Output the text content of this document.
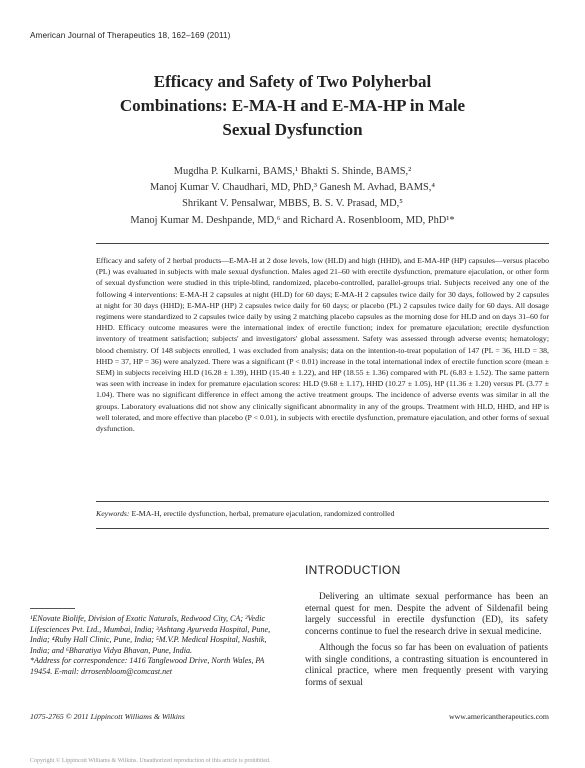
American Journal of Therapeutics 18, 162–169 (2011)
Efficacy and Safety of Two Polyherbal
Combinations: E-MA-H and E-MA-HP in Male
Sexual Dysfunction
Mugdha P. Kulkarni, BAMS,¹ Bhakti S. Shinde, BAMS,²
Manoj Kumar V. Chaudhari, MD, PhD,³ Ganesh M. Avhad, BAMS,⁴
Shrikant V. Pensalwar, MBBS, B. S. V. Prasad, MD,⁵
Manoj Kumar M. Deshpande, MD,⁶ and Richard A. Rosenbloom, MD, PhD¹*
Efficacy and safety of 2 herbal products—E-MA-H at 2 dose levels, low (HLD) and high (HHD), and E-MA-HP (HP) capsules—versus placebo (PL) was evaluated in subjects with male sexual dysfunction. Males aged 21–60 with erectile dysfunction, premature ejaculation, or other form of sexual dysfunction were studied in this triple-blind, randomized, placebo-controlled, parallel-groups trial. Subjects received any one of the following 4 interventions: E-MA-H 2 capsules at night (HLD) for 60 days; E-MA-H 2 capsules twice daily for 30 days, followed by 2 capsules at night for 30 days (HHD); E-MA-HP (HP) 2 capsules twice daily for 60 days; or placebo (PL) 2 capsules twice daily for 60 days. All dosage regimens were standardized to 2 capsules twice daily by using 2 matching placebo capsules as the morning dose for HLD and on days 31–60 for HHD. Efficacy outcome measures were the international index of erectile function; index for premature ejaculation; erectile dysfunction inventory of treatment satisfaction; subjects' and investigators' global assessment. Safety was assessed through adverse events; hematology; blood chemistry. Of 148 subjects enrolled, 1 was excluded from analysis; data on the intention-to-treat population of 147 (PL = 36, HLD = 38, HHD = 37, HP = 36) were analyzed. There was a significant (P < 0.01) increase in the total international index of erectile function score (mean ± SEM) in subjects receiving HLD (16.28 ± 1.39), HHD (15.40 ± 1.22), and HP (18.55 ± 1.36) compared with PL (6.83 ± 1.52). The same pattern was seen with increase in index for premature ejaculation scores: HLD (9.68 ± 1.17), HHD (10.27 ± 1.05), HP (11.36 ± 1.20) versus PL (3.77 ± 1.04). There was no significant difference in effect among the active treatment groups. The incidence of adverse events was similar in all the groups. Laboratory evaluations did not show any clinically significant abnormality in any of the groups. Treatment with HLD, HHD, and HP is well tolerated, and more effective than placebo (P < 0.01), in subjects with erectile dysfunction, premature ejaculation, and other forms of sexual dysfunction.
Keywords: E-MA-H, erectile dysfunction, herbal, premature ejaculation, randomized controlled
INTRODUCTION

Delivering an ultimate sexual performance has been an eternal quest for men. Despite the advent of Sildenafil being largely successful in erectile dysfunction (ED), its safety concerns continue to fuel the research drive in sexual medicine.

Although the focus so far has been on evaluation of patients with single conditions, a contrasting situation is encountered in clinical practice, where men frequently present with varying forms of sexual

¹ENovate Biolife, Division of Exotic Naturals, Redwood City, CA; ²Vedic Lifesciences Pvt. Ltd., Mumbai, India; ³Ashtang Ayurveda Hospital, Pune, India; ⁴Ruby Hall Clinic, Pune, India; ⁵M.V.P. Medical Hospital, Nashik, India; and ⁶Bharatiya Vidya Bhavan, Pune, India.
*Address for correspondence: 1416 Tanglewood Drive, North Wales, PA 19454. E-mail: drrosenbloom@comcast.net
1075-2765 © 2011 Lippincott Williams & Wilkins	www.americantherapeutics.com
Copyright © Lippincott Williams & Wilkins. Unauthorized reproduction of this article is prohibited.
